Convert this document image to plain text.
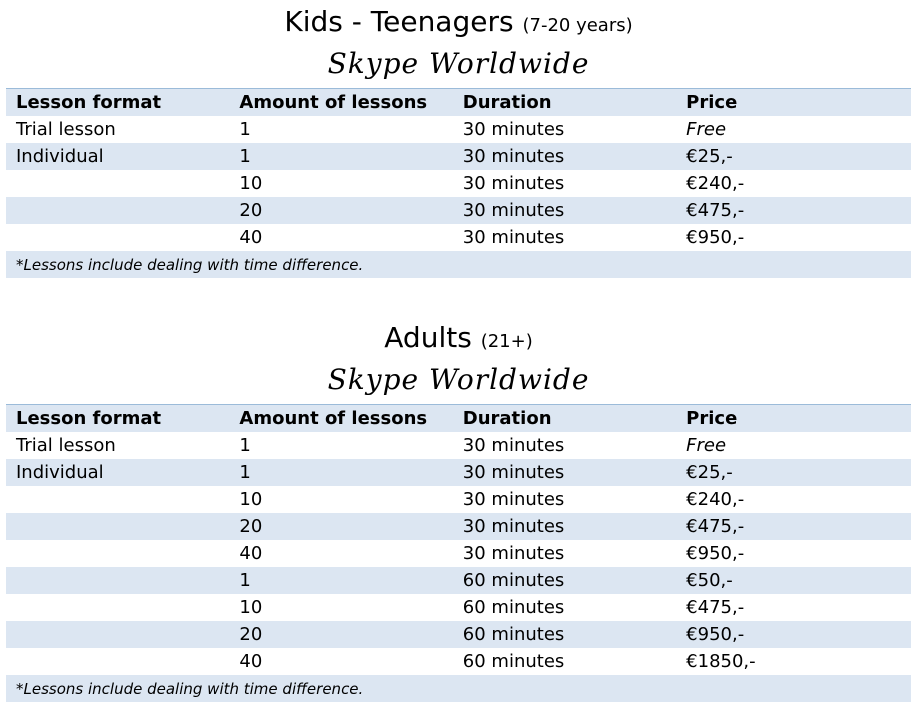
Kids - Teenagers (7-20 years)
Skype Worldwide
Lesson format	Amount of lessons	Duration	Price
Trial lesson	1	30 minutes	Free
Individual	1	30 minutes	€25,-
	10	30 minutes	€240,-
	20	30 minutes	€475,-
	40	30 minutes	€950,-
*Lessons include dealing with time difference.			
Adults (21+)
Skype Worldwide
Lesson format	Amount of lessons	Duration	Price
Trial lesson	1	30 minutes	Free
Individual	1	30 minutes	€25,-
	10	30 minutes	€240,-
	20	30 minutes	€475,-
	40	30 minutes	€950,-
	1	60 minutes	€50,-
	10	60 minutes	€475,-
	20	60 minutes	€950,-
	40	60 minutes	€1850,-
*Lessons include dealing with time difference.			
